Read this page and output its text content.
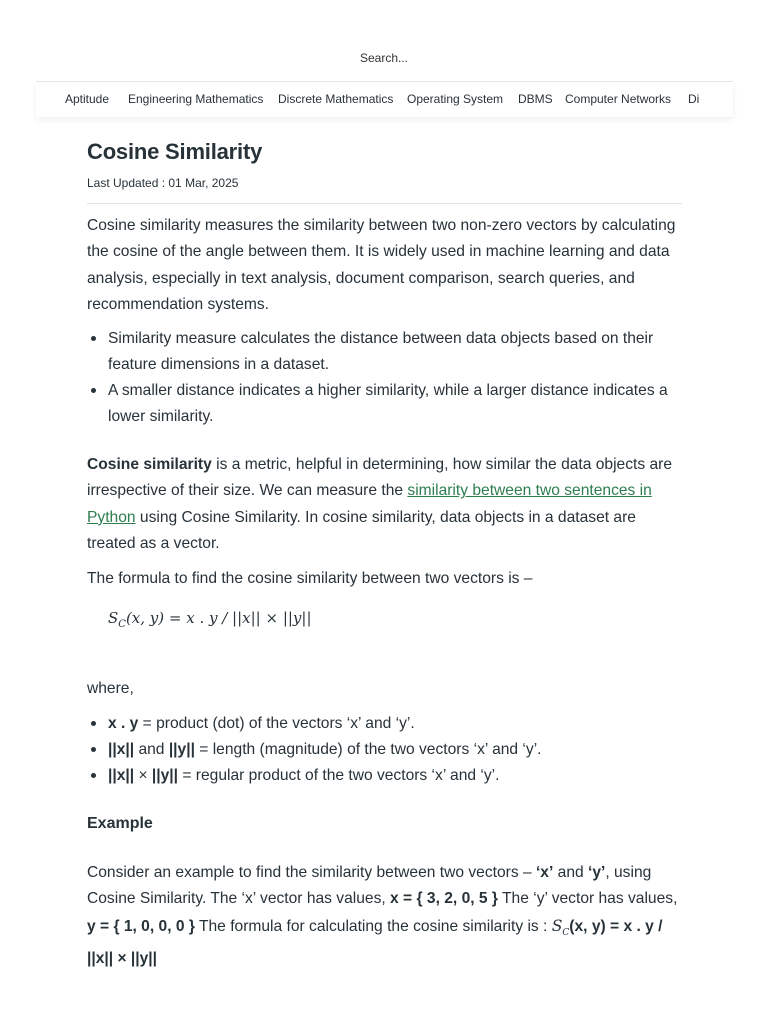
Search...
Aptitude Engineering Mathematics Discrete Mathematics Operating System DBMS Computer Networks Di
Cosine Similarity
Last Updated : 01 Mar, 2025

Cosine similarity measures the similarity between two non-zero vectors by calculating the cosine of the angle between them. It is widely used in machine learning and data analysis, especially in text analysis, document comparison, search queries, and recommendation systems.

Similarity measure calculates the distance between data objects based on their feature dimensions in a dataset.
A smaller distance indicates a higher similarity, while a larger distance indicates a lower similarity.

Cosine similarity is a metric, helpful in determining, how similar the data objects are irrespective of their size. We can measure the similarity between two sentences in Python using Cosine Similarity. In cosine similarity, data objects in a dataset are treated as a vector.

The formula to find the cosine similarity between two vectors is –

$S_C(x$, y) = x . y / ||x|| × ||y||

where,

x . y = product (dot) of the vectors ‘x’ and ‘y’.
||x|| and ||y|| = length (magnitude) of the two vectors ‘x’ and ‘y’.
||x|| × ||y|| = regular product of the two vectors ‘x’ and ‘y’.
Example

Consider an example to find the similarity between two vectors – ‘x’ and ‘y’, using Cosine Similarity. The ‘x’ vector has values, x = { 3, 2, 0, 5 } The ‘y’ vector has values, y = { 1, 0, 0, 0 } The formula for calculating the cosine similarity is : $S_C(x$, y) = x . y / ||x|| × ||y||
